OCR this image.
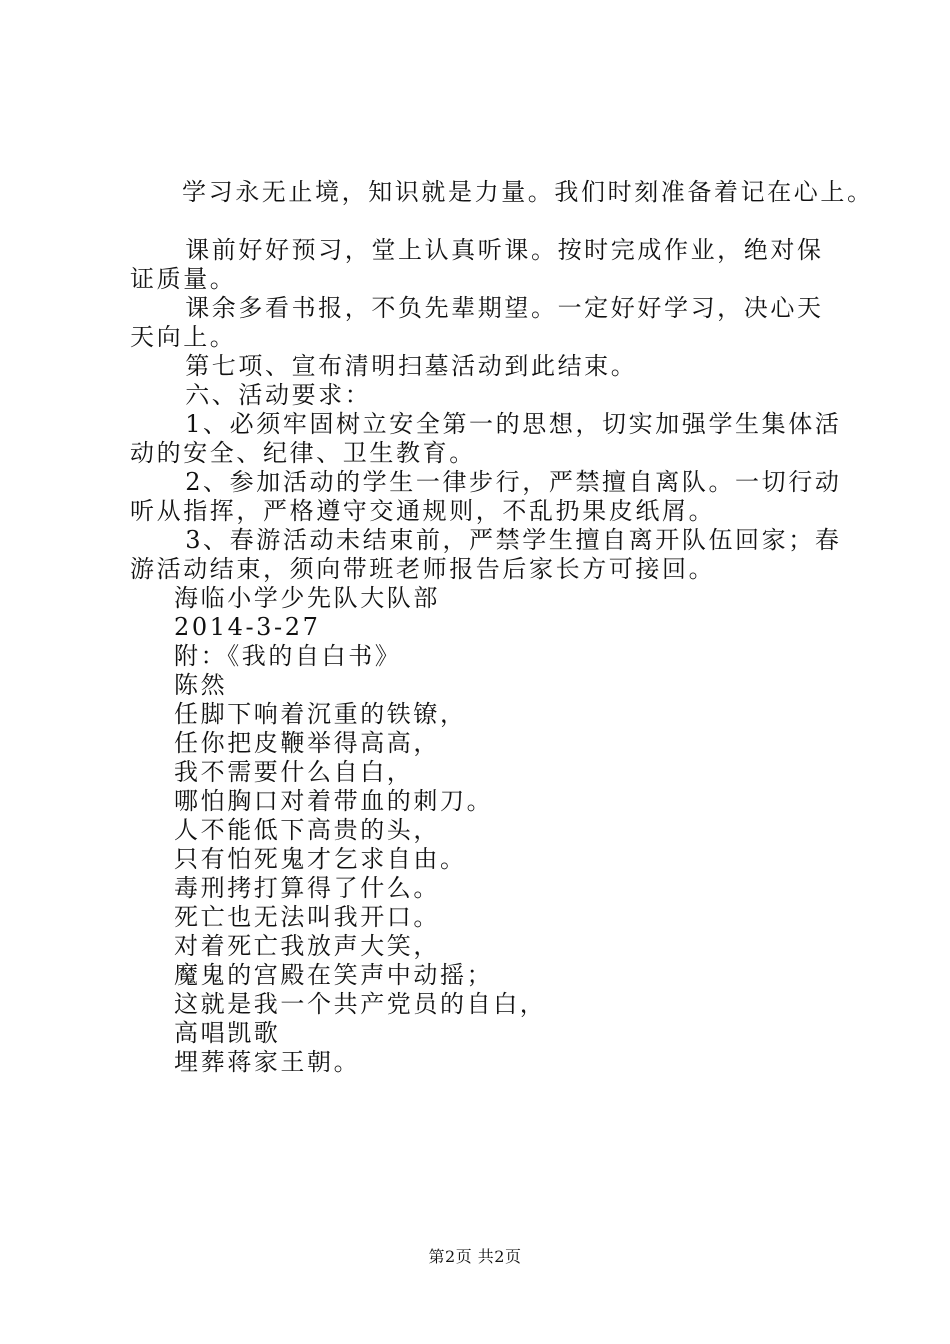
学习永无止境，知识就是力量。我们时刻准备着记在心上。

课前好好预习，堂上认真听课。按时完成作业，绝对保证质量。

课余多看书报，不负先辈期望。一定好好学习，决心天天向上。

第七项、宣布清明扫墓活动到此结束。

六、活动要求：

1、必须牢固树立安全第一的思想，切实加强学生集体活动的安全、纪律、卫生教育。

2、参加活动的学生一律步行，严禁擅自离队。一切行动听从指挥，严格遵守交通规则，不乱扔果皮纸屑。

3、春游活动未结束前，严禁学生擅自离开队伍回家；春游活动结束，须向带班老师报告后家长方可接回。

海临小学少先队大队部

2014-3-27

附：《我的自白书》

陈然

任脚下响着沉重的铁镣，

任你把皮鞭举得高高，

我不需要什么自白，

哪怕胸口对着带血的刺刀。

人不能低下高贵的头，

只有怕死鬼才乞求自由。

毒刑拷打算得了什么。

死亡也无法叫我开口。

对着死亡我放声大笑，

魔鬼的宫殿在笑声中动摇；

这就是我一个共产党员的自白，

高唱凯歌

埋葬蒋家王朝。

第2页 共2页
